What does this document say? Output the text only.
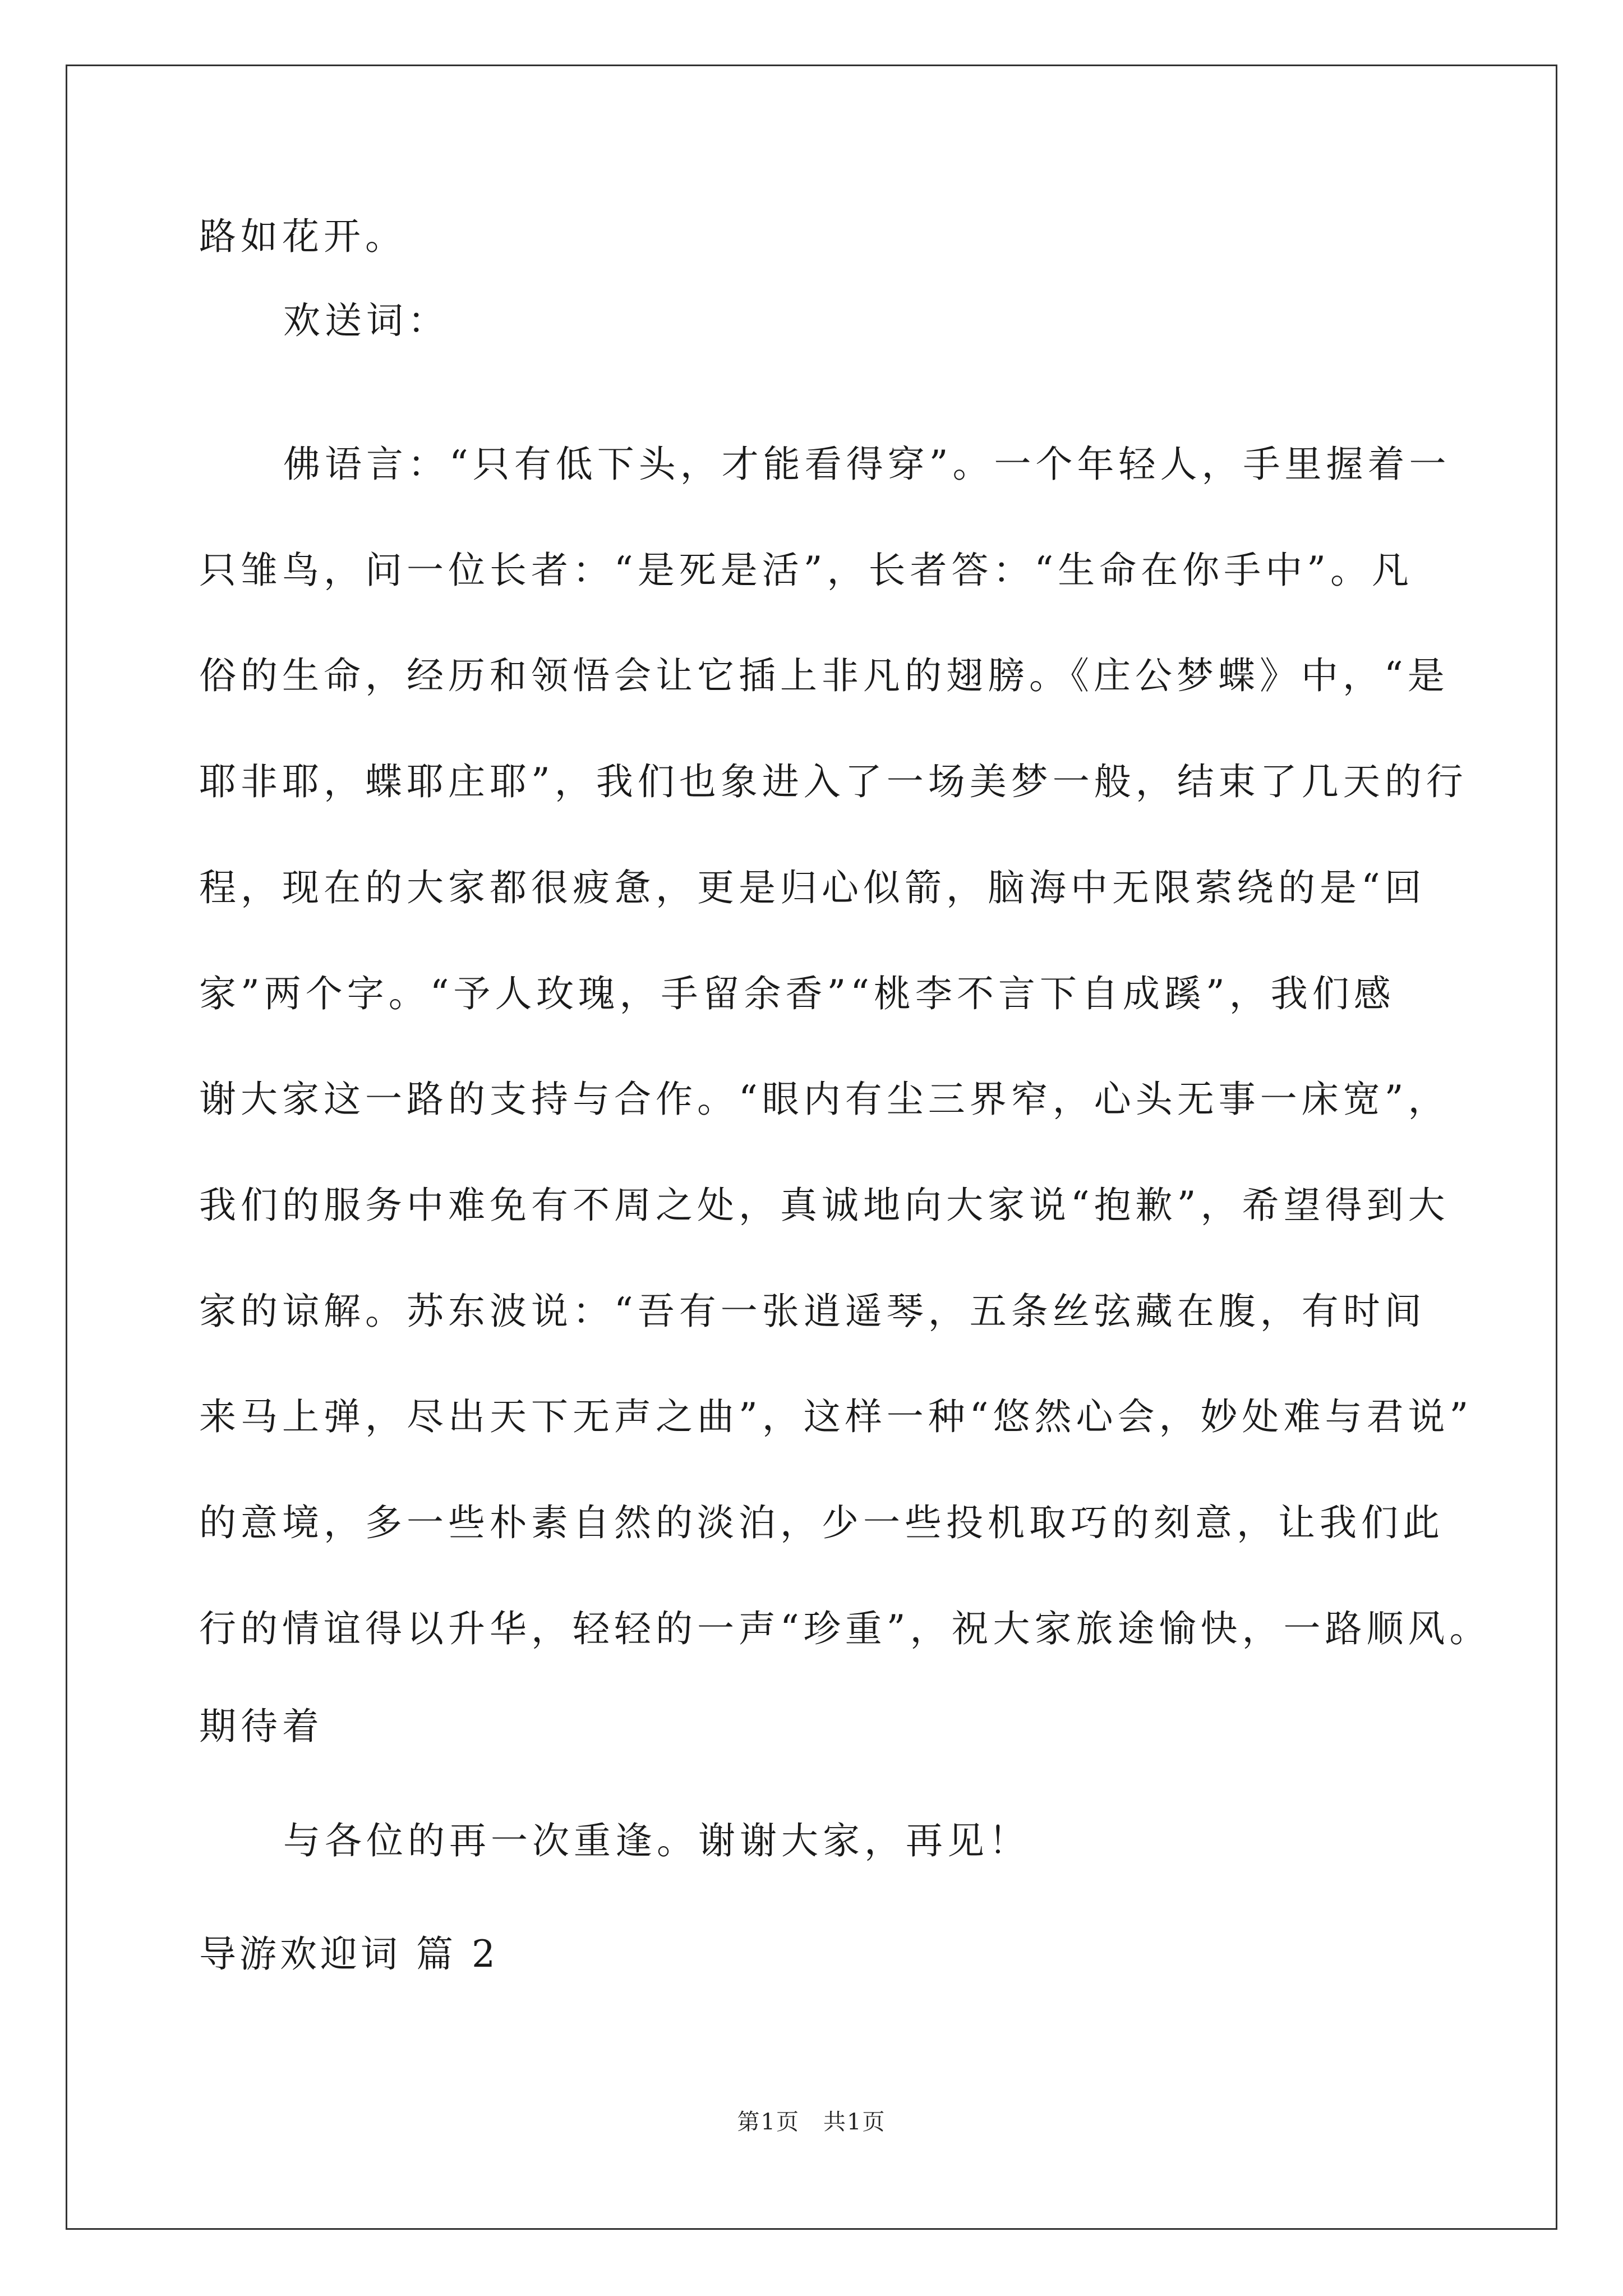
路如花开。
欢送词：
佛语言：“只有低下头，才能看得穿”。一个年轻人，手里握着一
只雏鸟，问一位长者：“是死是活”，长者答：“生命在你手中”。凡
俗的生命，经历和领悟会让它插上非凡的翅膀。《庄公梦蝶》中，“是
耶非耶，蝶耶庄耶”，我们也象进入了一场美梦一般，结束了几天的行
程，现在的大家都很疲惫，更是归心似箭，脑海中无限萦绕的是“回
家”两个字。“予人玫瑰，手留余香”“桃李不言下自成蹊”，我们感
谢大家这一路的支持与合作。“眼内有尘三界窄，心头无事一床宽”，
我们的服务中难免有不周之处，真诚地向大家说“抱歉”，希望得到大
家的谅解。苏东波说：“吾有一张逍遥琴，五条丝弦藏在腹，有时间
来马上弹，尽出天下无声之曲”，这样一种“悠然心会，妙处难与君说”
的意境，多一些朴素自然的淡泊，少一些投机取巧的刻意，让我们此
行的情谊得以升华，轻轻的一声“珍重”，祝大家旅途愉快，一路顺风。
期待着
与各位的再一次重逢。谢谢大家，再见！
导游欢迎词 篇 2
第1页　共1页
